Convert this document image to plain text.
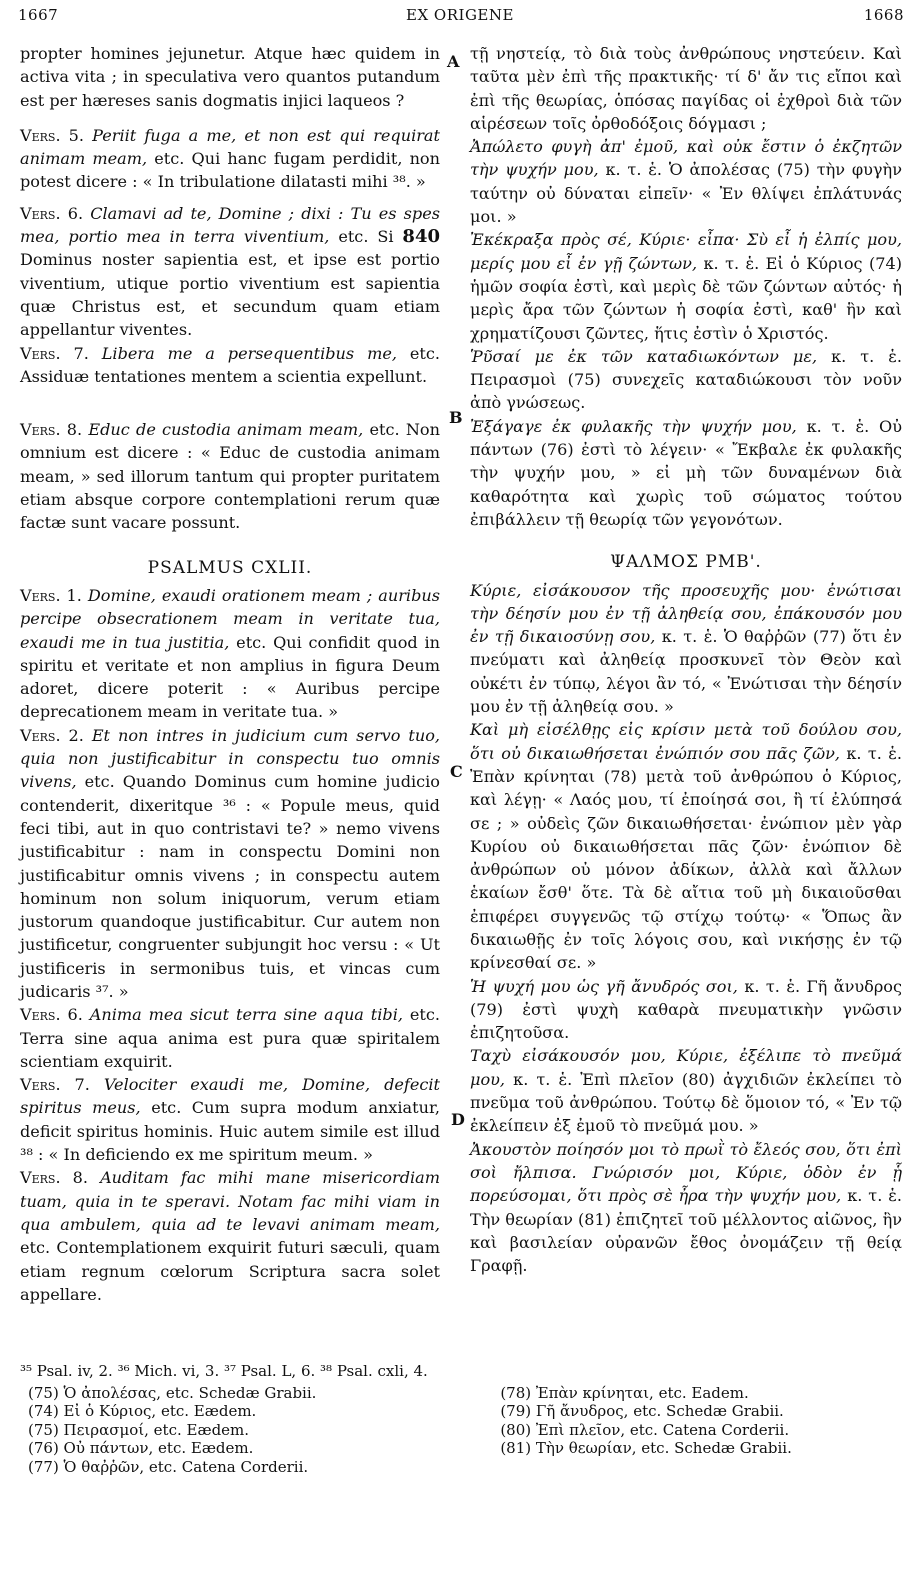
1667	EX ORIGENE	1668

propter homines jejunetur. Atque hæc quidem in activa vita ; in speculativa vero quantos putandum est per hæreses sanis dogmatis injici laqueos ?

Vers. 5. Periit fuga a me, et non est qui requirat animam meam, etc. Qui hanc fugam perdidit, non potest dicere : « In tribulatione dilatasti mihi ³⁸. »

Vers. 6. Clamavi ad te, Domine ; dixi : Tu es spes mea, portio mea in terra viventium, etc. Si 840 Dominus noster sapientia est, et ipse est portio viventium, utique portio viventium est sapientia quæ Christus est, et secundum quam etiam appellantur viventes.

Vers. 7. Libera me a persequentibus me, etc. Assiduæ tentationes mentem a scientia expellunt.

Vers. 8. Educ de custodia animam meam, etc. Non omnium est dicere : « Educ de custodia animam meam, » sed illorum tantum qui propter puritatem etiam absque corpore contemplationi rerum quæ factæ sunt vacare possunt.

PSALMUS CXLII.

Vers. 1. Domine, exaudi orationem meam ; auribus percipe obsecrationem meam in veritate tua, exaudi me in tua justitia, etc. Qui confidit quod in spiritu et veritate et non amplius in figura Deum adoret, dicere poterit : « Auribus percipe deprecationem meam in veritate tua. »

Vers. 2. Et non intres in judicium cum servo tuo, quia non justificabitur in conspectu tuo omnis vivens, etc. Quando Dominus cum homine judicio contenderit, dixeritque ³⁶ : « Popule meus, quid feci tibi, aut in quo contristavi te? » nemo vivens justificabitur : nam in conspectu Domini non justificabitur omnis vivens ; in conspectu autem hominum non solum iniquorum, verum etiam justorum quandoque justificabitur. Cur autem non justificetur, congruenter subjungit hoc versu : « Ut justificeris in sermonibus tuis, et vincas cum judicaris ³⁷. »

Vers. 6. Anima mea sicut terra sine aqua tibi, etc. Terra sine aqua anima est pura quæ spiritalem scientiam exquirit.

Vers. 7. Velociter exaudi me, Domine, defecit spiritus meus, etc. Cum supra modum anxiatur, deficit spiritus hominis. Huic autem simile est illud ³⁸ : « In deficiendo ex me spiritum meum. »

Vers. 8. Auditam fac mihi mane misericordiam tuam, quia in te speravi. Notam fac mihi viam in qua ambulem, quia ad te levavi animam meam, etc. Contemplationem exquirit futuri sæculi, quam etiam regnum cœlorum Scriptura sacra solet appellare.

A
B
C
D

τῇ νηστείᾳ, τὸ διὰ τοὺς ἀνθρώπους νηστεύειν. Καὶ ταῦτα μὲν ἐπὶ τῆς πρακτικῆς· τί δ' ἄν τις εἴποι καὶ ἐπὶ τῆς θεωρίας, ὁπόσας παγίδας οἱ ἐχθροὶ διὰ τῶν αἱρέσεων τοῖς ὀρθοδόξοις δόγμασι ;

Ἀπώλετο φυγὴ ἀπ' ἐμοῦ, καὶ οὐκ ἔστιν ὁ ἐκζητῶν τὴν ψυχήν μου, κ. τ. ἑ. Ὁ ἀπολέσας (75) τὴν φυγὴν ταύτην οὐ δύναται εἰπεῖν· « Ἐν θλίψει ἐπλάτυνάς μοι. »

Ἐκέκραξα πρὸς σέ, Κύριε· εἶπα· Σὺ εἶ ἡ ἐλπίς μου, μερίς μου εἶ ἐν γῇ ζώντων, κ. τ. ἑ. Εἰ ὁ Κύριος (74) ἡμῶν σοφία ἐστὶ, καὶ μερὶς δὲ τῶν ζώντων αὐτός· ἡ μερὶς ἄρα τῶν ζώντων ἡ σοφία ἐστὶ, καθ' ἣν καὶ χρηματίζουσι ζῶντες, ἥτις ἐστὶν ὁ Χριστός.

Ῥῦσαί με ἐκ τῶν καταδιωκόντων με, κ. τ. ἑ. Πειρασμοὶ (75) συνεχεῖς καταδιώκουσι τὸν νοῦν ἀπὸ γνώσεως.

Ἐξάγαγε ἐκ φυλακῆς τὴν ψυχήν μου, κ. τ. ἑ. Οὐ πάντων (76) ἐστὶ τὸ λέγειν· « Ἔκβαλε ἐκ φυλακῆς τὴν ψυχήν μου, » εἰ μὴ τῶν δυναμένων διὰ καθαρότητα καὶ χωρὶς τοῦ σώματος τούτου ἐπιβάλλειν τῇ θεωρίᾳ τῶν γεγονότων.

ΨΑΛΜΟΣ ΡΜΒ'.

Κύριε, εἰσάκουσον τῆς προσευχῆς μου· ἐνώτισαι τὴν δέησίν μου ἐν τῇ ἀληθείᾳ σου, ἐπάκουσόν μου ἐν τῇ δικαιοσύνῃ σου, κ. τ. ἑ. Ὁ θαῤῥῶν (77) ὅτι ἐν πνεύματι καὶ ἀληθείᾳ προσκυνεῖ τὸν Θεὸν καὶ οὐκέτι ἐν τύπῳ, λέγοι ἂν τό, « Ἐνώτισαι τὴν δέησίν μου ἐν τῇ ἀληθείᾳ σου. »

Καὶ μὴ εἰσέλθῃς εἰς κρίσιν μετὰ τοῦ δούλου σου, ὅτι οὐ δικαιωθήσεται ἐνώπιόν σου πᾶς ζῶν, κ. τ. ἑ. Ἐπὰν κρίνηται (78) μετὰ τοῦ ἀνθρώπου ὁ Κύριος, καὶ λέγῃ· « Λαός μου, τί ἐποίησά σοι, ἢ τί ἐλύπησά σε ; » οὐδεὶς ζῶν δικαιωθήσεται· ἐνώπιον μὲν γὰρ Κυρίου οὐ δικαιωθήσεται πᾶς ζῶν· ἐνώπιον δὲ ἀνθρώπων οὐ μόνον ἀδίκων, ἀλλὰ καὶ ἄλλων ἑκαίων ἔσθ' ὅτε. Τὰ δὲ αἴτια τοῦ μὴ δικαιοῦσθαι ἐπιφέρει συγγενῶς τῷ στίχῳ τούτῳ· « Ὅπως ἂν δικαιωθῇς ἐν τοῖς λόγοις σου, καὶ νικήσῃς ἐν τῷ κρίνεσθαί σε. »

Ἡ ψυχή μου ὡς γῆ ἄνυδρός σοι, κ. τ. ἑ. Γῆ ἄνυδρος (79) ἐστὶ ψυχὴ καθαρὰ πνευματικὴν γνῶσιν ἐπιζητοῦσα.

Ταχὺ εἰσάκουσόν μου, Κύριε, ἐξέλιπε τὸ πνεῦμά μου, κ. τ. ἑ. Ἐπὶ πλεῖον (80) ἀγχιδιῶν ἐκλείπει τὸ πνεῦμα τοῦ ἀνθρώπου. Τούτῳ δὲ ὅμοιον τό, « Ἐν τῷ ἐκλείπειν ἐξ ἐμοῦ τὸ πνεῦμά μου. »

Ἀκουστὸν ποίησόν μοι τὸ πρωῒ τὸ ἔλεός σου, ὅτι ἐπὶ σοὶ ἤλπισα. Γνώρισόν μοι, Κύριε, ὁδὸν ἐν ᾗ πορεύσομαι, ὅτι πρὸς σὲ ἦρα τὴν ψυχήν μου, κ. τ. ἑ. Τὴν θεωρίαν (81) ἐπιζητεῖ τοῦ μέλλοντος αἰῶνος, ἣν καὶ βασιλείαν οὐρανῶν ἔθος ὀνομάζειν τῇ θείᾳ Γραφῇ.

³⁵ Psal. iv, 2. ³⁶ Mich. vi, 3. ³⁷ Psal. L, 6. ³⁸ Psal. cxli, 4.

(75) Ὁ ἀπολέσας, etc. Schedæ Grabii.

(74) Εἰ ὁ Κύριος, etc. Eædem.

(75) Πειρασμοί, etc. Eædem.

(76) Οὐ πάντων, etc. Eædem.

(77) Ὁ θαῤῥῶν, etc. Catena Corderii.

(78) Ἐπὰν κρίνηται, etc. Eadem.

(79) Γῆ ἄνυδρος, etc. Schedæ Grabii.

(80) Ἐπὶ πλεῖον, etc. Catena Corderii.

(81) Τὴν θεωρίαν, etc. Schedæ Grabii.
